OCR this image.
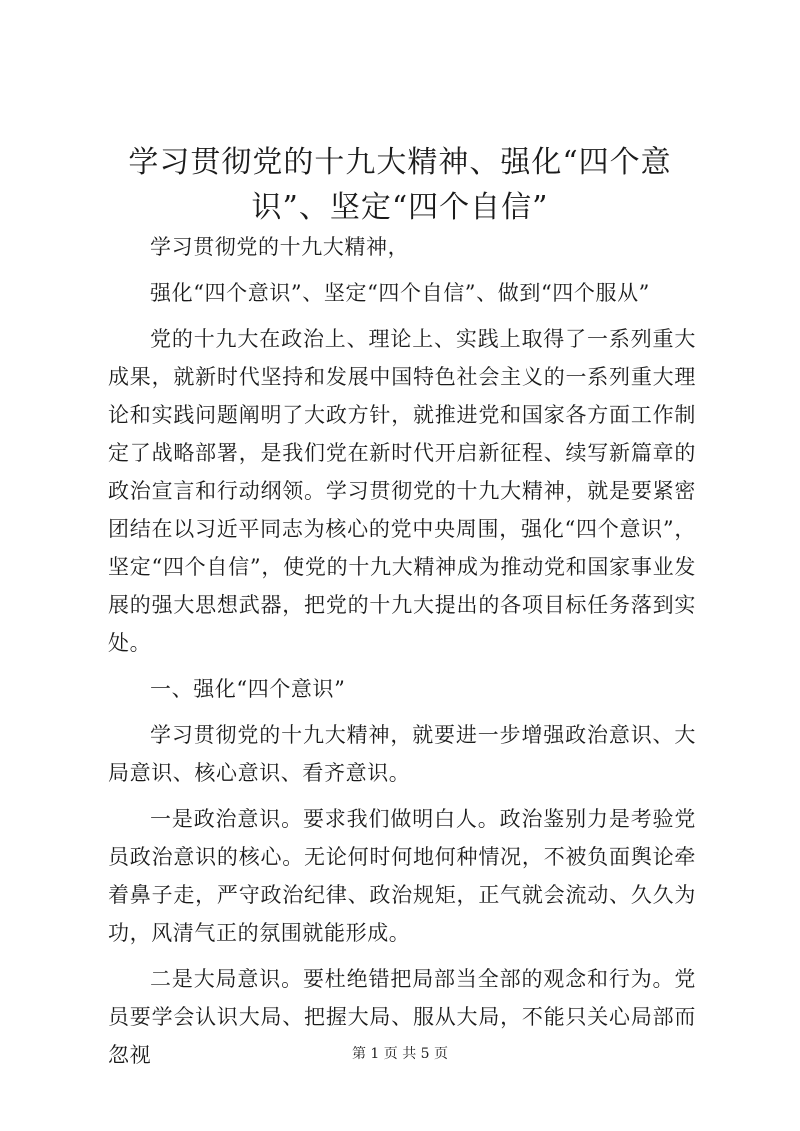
学习贯彻党的十九大精神、强化“四个意
识”、坚定“四个自信”

学习贯彻党的十九大精神，

强化“四个意识”、坚定“四个自信”、做到“四个服从”

党的十九大在政治上、理论上、实践上取得了一系列重大成果，就新时代坚持和发展中国特色社会主义的一系列重大理论和实践问题阐明了大政方针，就推进党和国家各方面工作制定了战略部署，是我们党在新时代开启新征程、续写新篇章的政治宣言和行动纲领。学习贯彻党的十九大精神，就是要紧密团结在以习近平同志为核心的党中央周围，强化“四个意识”，坚定“四个自信”，使党的十九大精神成为推动党和国家事业发展的强大思想武器，把党的十九大提出的各项目标任务落到实处。

一、强化“四个意识”

学习贯彻党的十九大精神，就要进一步增强政治意识、大局意识、核心意识、看齐意识。

一是政治意识。要求我们做明白人。政治鉴别力是考验党员政治意识的核心。无论何时何地何种情况，不被负面舆论牵着鼻子走，严守政治纪律、政治规矩，正气就会流动、久久为功，风清气正的氛围就能形成。

二是大局意识。要杜绝错把局部当全部的观念和行为。党员要学会认识大局、把握大局、服从大局，不能只关心局部而忽视	第 1 页 共 5 页
